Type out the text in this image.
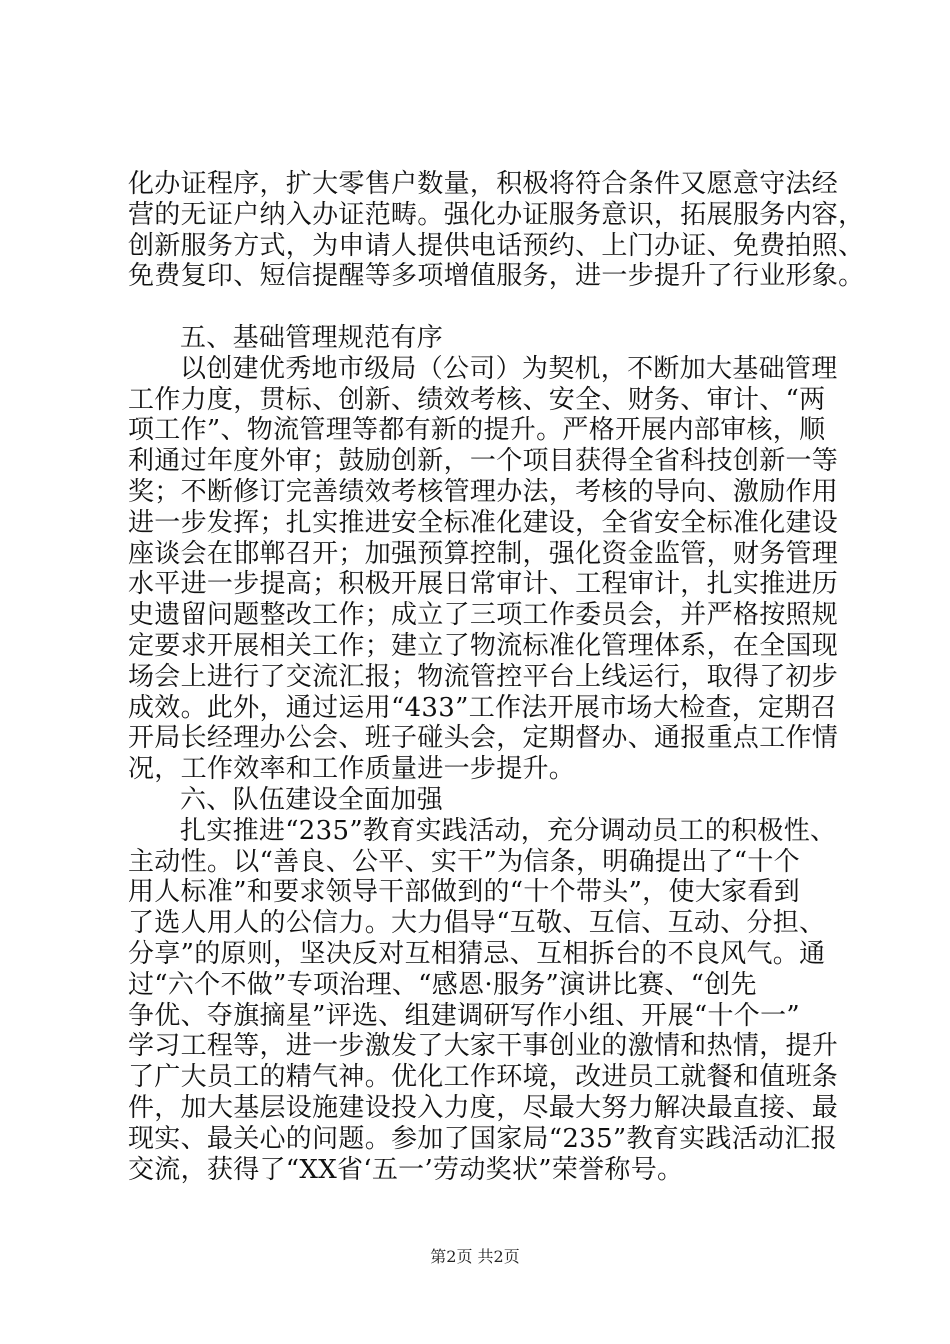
化办证程序，扩大零售户数量，积极将符合条件又愿意守法经
营的无证户纳入办证范畴。强化办证服务意识，拓展服务内容，
创新服务方式，为申请人提供电话预约、上门办证、免费拍照、
免费复印、短信提醒等多项增值服务，进一步提升了行业形象。
五、基础管理规范有序
以创建优秀地市级局（公司）为契机，不断加大基础管理
工作力度，贯标、创新、绩效考核、安全、财务、审计、“两
项工作”、物流管理等都有新的提升。严格开展内部审核，顺
利通过年度外审；鼓励创新，一个项目获得全省科技创新一等
奖；不断修订完善绩效考核管理办法，考核的导向、激励作用
进一步发挥；扎实推进安全标准化建设，全省安全标准化建设
座谈会在邯郸召开；加强预算控制，强化资金监管，财务管理
水平进一步提高；积极开展日常审计、工程审计，扎实推进历
史遗留问题整改工作；成立了三项工作委员会，并严格按照规
定要求开展相关工作；建立了物流标准化管理体系，在全国现
场会上进行了交流汇报；物流管控平台上线运行，取得了初步
成效。此外，通过运用“433”工作法开展市场大检查，定期召
开局长经理办公会、班子碰头会，定期督办、通报重点工作情
况，工作效率和工作质量进一步提升。
六、队伍建设全面加强
扎实推进“235”教育实践活动，充分调动员工的积极性、
主动性。以“善良、公平、实干”为信条，明确提出了“十个
用人标准”和要求领导干部做到的“十个带头”，使大家看到
了选人用人的公信力。大力倡导“互敬、互信、互动、分担、
分享”的原则，坚决反对互相猜忌、互相拆台的不良风气。通
过“六个不做”专项治理、“感恩·服务”演讲比赛、“创先
争优、夺旗摘星”评选、组建调研写作小组、开展“十个一”
学习工程等，进一步激发了大家干事创业的激情和热情，提升
了广大员工的精气神。优化工作环境，改进员工就餐和值班条
件，加大基层设施建设投入力度，尽最大努力解决最直接、最
现实、最关心的问题。参加了国家局“235”教育实践活动汇报
交流，获得了“XX省‘五一’劳动奖状”荣誉称号。
第2页 共2页
